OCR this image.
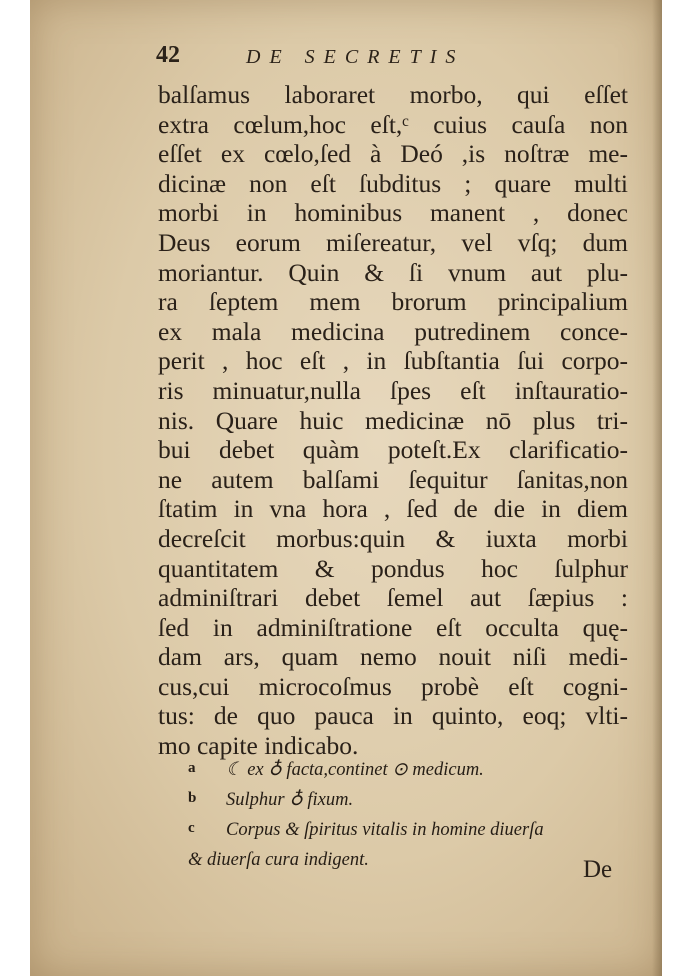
42	DE SECRETIS
balſamus laboraret morbo, qui eſſet
extra cœlum,hoc eſt,ᶜ cuius cauſa non
eſſet ex cœlo,ſed à Deó ,is noſtræ me-
dicinæ non eſt ſubditus ; quare multi
morbi in hominibus manent , donec
Deus eorum miſereatur, vel vſq; dum
moriantur. Quin & ſi vnum aut plu-
ra ſeptem mem brorum principalium
ex mala medicina putredinem conce-
perit , hoc eſt , in ſubſtantia ſui corpo-
ris minuatur,nulla ſpes eſt inſtauratio-
nis. Quare huic medicinæ nō plus tri-
bui debet quàm poteſt.Ex clarificatio-
ne autem balſami ſequitur ſanitas,non
ſtatim in vna hora , ſed de die in diem
decreſcit morbus:quin & iuxta morbi
quantitatem & pondus hoc ſulphur
adminiſtrari debet ſemel aut ſæpius :
ſed in adminiſtratione eſt occulta quę-
dam ars, quam nemo nouit niſi medi-
cus,cui microcoſmus probè eſt cogni-
tus: de quo pauca in quinto, eoq; vlti-
mo capite indicabo.
a ☾ ex ♁ facta,continet ⊙ medicum.
b Sulphur ♁ fixum.
c Corpus & ſpiritus vitalis in homine diuerſa
& diuerſa cura indigent.	De
